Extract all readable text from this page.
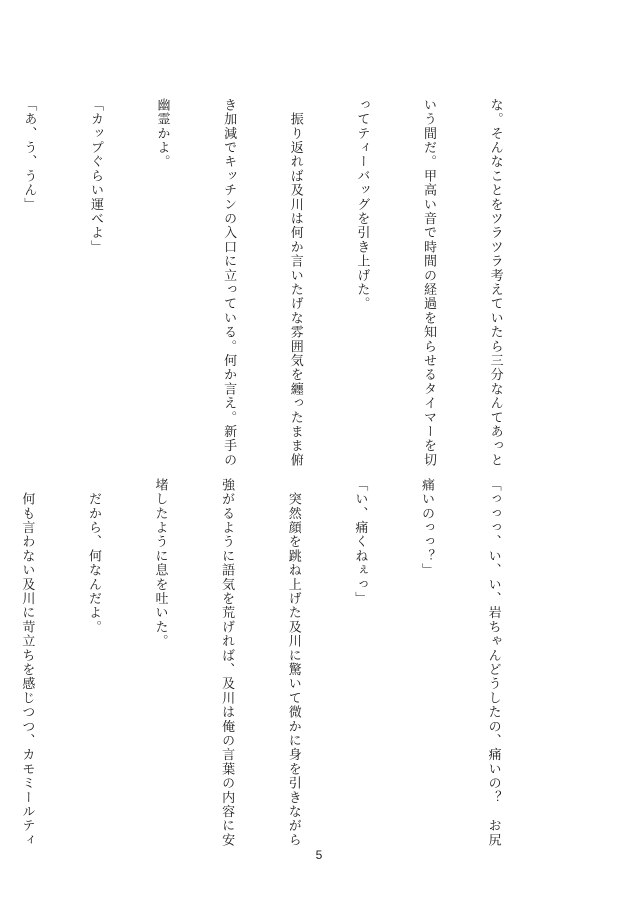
な。そんなことをツラツラ考えていたら三分なんてあっと

いう間だ。甲高い音で時間の経過を知らせるタイマーを切

ってティーバッグを引き上げた。

　振り返れば及川は何か言いたげな雰囲気を纏ったまま俯

き加減でキッチンの入口に立っている。何か言え。新手の

幽霊かよ。

「カップぐらい運べよ」

「あ、う、うん」

「っっっ、い、い、岩ちゃんどうしたの、痛いの？　お尻

痛いのっっ？」

「い、痛くねぇっ」

　突然顔を跳ね上げた及川に驚いて微かに身を引きながら

強がるように語気を荒げれば、及川は俺の言葉の内容に安

堵したように息を吐いた。

　だから、何なんだよ。

　何も言わない及川に苛立ちを感じつつ、カモミールティ

5
